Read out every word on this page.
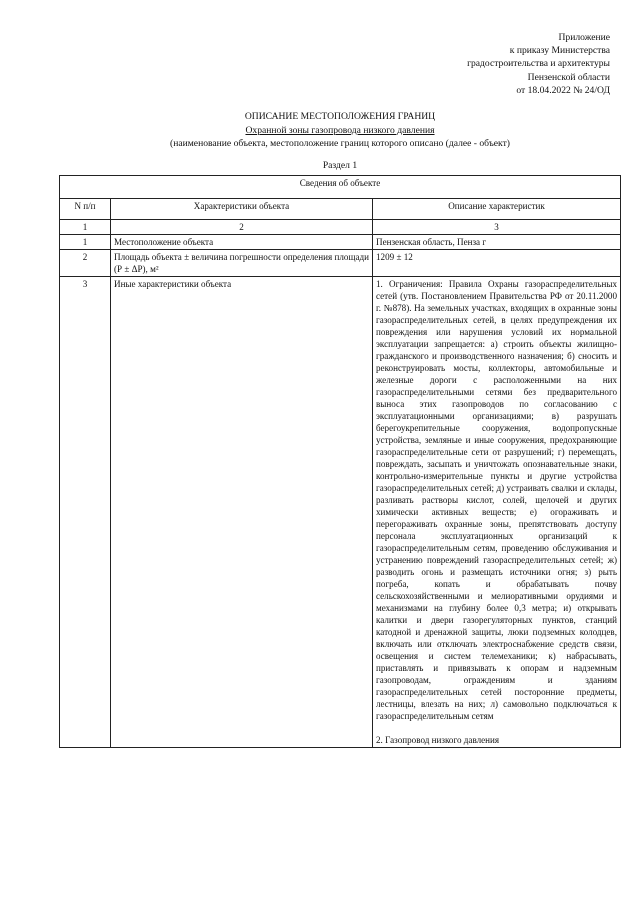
Приложение
к приказу Министерства
градостроительства и архитектуры
Пензенской области
от 18.04.2022 № 24/ОД
ОПИСАНИЕ МЕСТОПОЛОЖЕНИЯ ГРАНИЦ
Охранной зоны газопровода низкого давления
(наименование объекта, местоположение границ которого описано (далее - объект)
Раздел 1
Сведения об объекте		
N п/п	Характеристики объекта	Описание характеристик
1	2	3
1	Местоположение объекта	Пензенская область, Пенза г
2	Площадь объекта ± величина погрешности определения площади (Р ± ΔР), м²	1209 ± 12
3	Иные характеристики объекта	1. Ограничения: Правила Охраны газораспределительных сетей (утв. Постановлением Правительства РФ от 20.11.2000 г. №878). На земельных участках, входящих в охранные зоны газораспределительных сетей, в целях предупреждения их повреждения или нарушения условий их нормальной эксплуатации запрещается: а) строить объекты жилищно-гражданского и производственного назначения; б) сносить и реконструировать мосты, коллекторы, автомобильные и железные дороги с расположенными на них газораспределительными сетями без предварительного выноса этих газопроводов по согласованию с эксплуатационными организациями; в) разрушать берегоукрепительные сооружения, водопропускные устройства, земляные и иные сооружения, предохраняющие газораспределительные сети от разрушений; г) перемещать, повреждать, засыпать и уничтожать опознавательные знаки, контрольно-измерительные пункты и другие устройства газораспределительных сетей; д) устраивать свалки и склады, разливать растворы кислот, солей, щелочей и других химически активных веществ; е) огораживать и перегораживать охранные зоны, препятствовать доступу персонала эксплуатационных организаций к газораспределительным сетям, проведению обслуживания и устранению повреждений газораспределительных сетей; ж) разводить огонь и размещать источники огня; з) рыть погреба, копать и обрабатывать почву сельскохозяйственными и мелиоративными орудиями и механизмами на глубину более 0,3 метра; и) открывать калитки и двери газорегуляторных пунктов, станций катодной и дренажной защиты, люки подземных колодцев, включать или отключать электроснабжение средств связи, освещения и систем телемеханики; к) набрасывать, приставлять и привязывать к опорам и надземным газопроводам, ограждениям и зданиям газораспределительных сетей посторонние предметы, лестницы, влезать на них; л) самовольно подключаться к газораспределительным сетям

2. Газопровод низкого давления
